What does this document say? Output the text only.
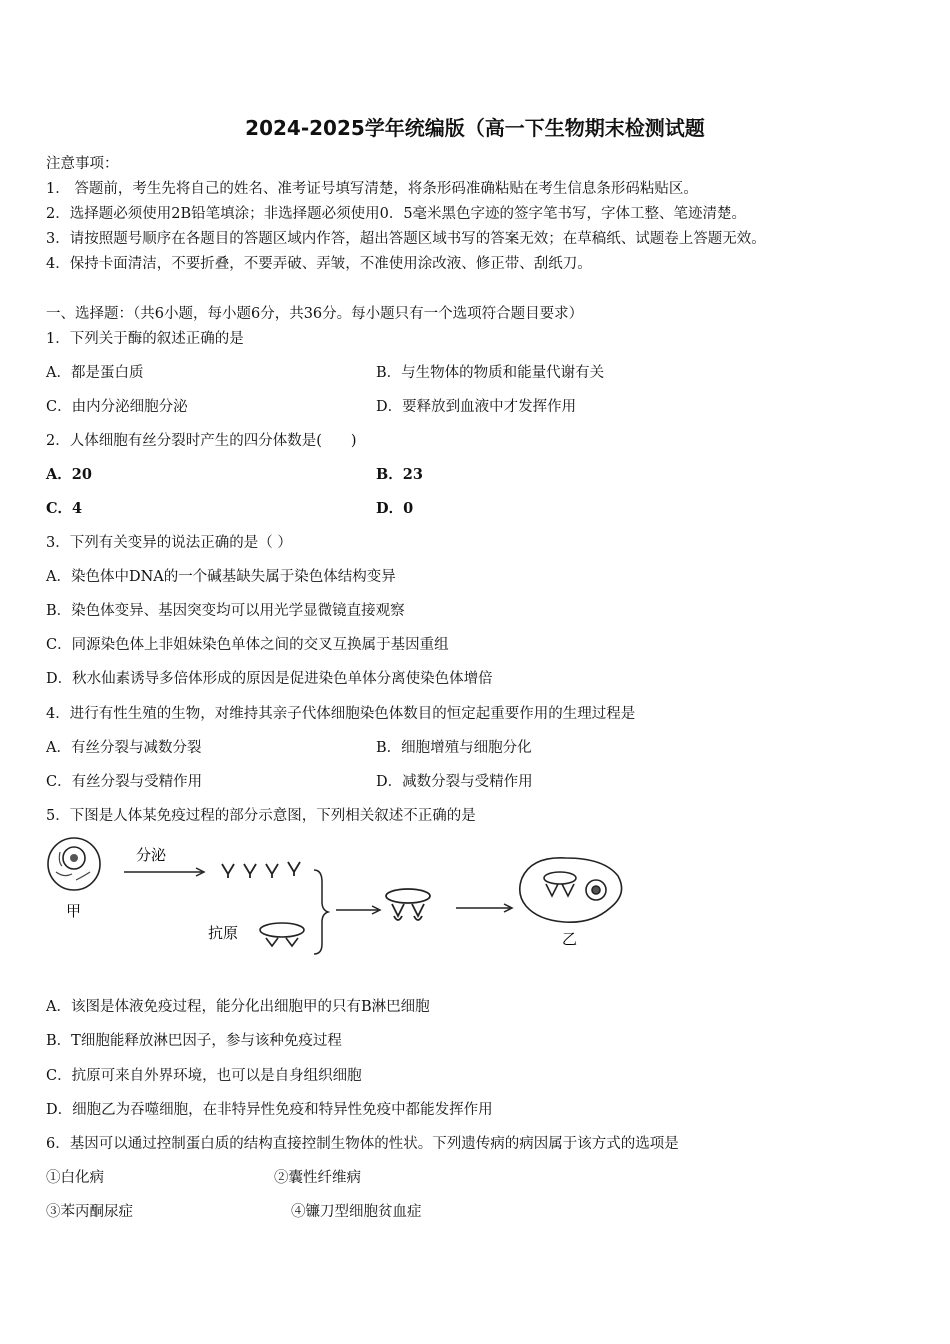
2024-2025学年统编版（高一下生物期末检测试题
注意事项：
1． 答题前，考生先将自己的姓名、准考证号填写清楚，将条形码准确粘贴在考生信息条形码粘贴区。
2．选择题必须使用2B铅笔填涂；非选择题必须使用0．5毫米黑色字迹的签字笔书写，字体工整、笔迹清楚。
3．请按照题号顺序在各题目的答题区域内作答，超出答题区域书写的答案无效；在草稿纸、试题卷上答题无效。
4．保持卡面清洁，不要折叠，不要弄破、弄皱，不准使用涂改液、修正带、刮纸刀。
一、选择题：（共6小题，每小题6分，共36分。每小题只有一个选项符合题目要求）
1．下列关于酶的叙述正确的是
A．都是蛋白质	B．与生物体的物质和能量代谢有关
C．由内分泌细胞分泌	D．要释放到血液中才发挥作用
2．人体细胞有丝分裂时产生的四分体数是(　　)
A．20	B．23
C．4	D．0
3．下列有关变异的说法正确的是（ ）
A．染色体中DNA的一个碱基缺失属于染色体结构变异
B．染色体变异、基因突变均可以用光学显微镜直接观察
C．同源染色体上非姐妹染色单体之间的交叉互换属于基因重组
D．秋水仙素诱导多倍体形成的原因是促进染色单体分离使染色体增倍
4．进行有性生殖的生物，对维持其亲子代体细胞染色体数目的恒定起重要作用的生理过程是
A．有丝分裂与减数分裂	B．细胞增殖与细胞分化
C．有丝分裂与受精作用	D．减数分裂与受精作用
5．下图是人体某免疫过程的部分示意图，下列相关叙述不正确的是
甲
分泌
抗原	乙
A．该图是体液免疫过程，能分化出细胞甲的只有B淋巴细胞
B．T细胞能释放淋巴因子，参与该种免疫过程
C．抗原可来自外界环境，也可以是自身组织细胞
D．细胞乙为吞噬细胞，在非特异性免疫和特异性免疫中都能发挥作用
6．基因可以通过控制蛋白质的结构直接控制生物体的性状。下列遗传病的病因属于该方式的选项是
①白化病	②囊性纤维病
③苯丙酮尿症	④镰刀型细胞贫血症
